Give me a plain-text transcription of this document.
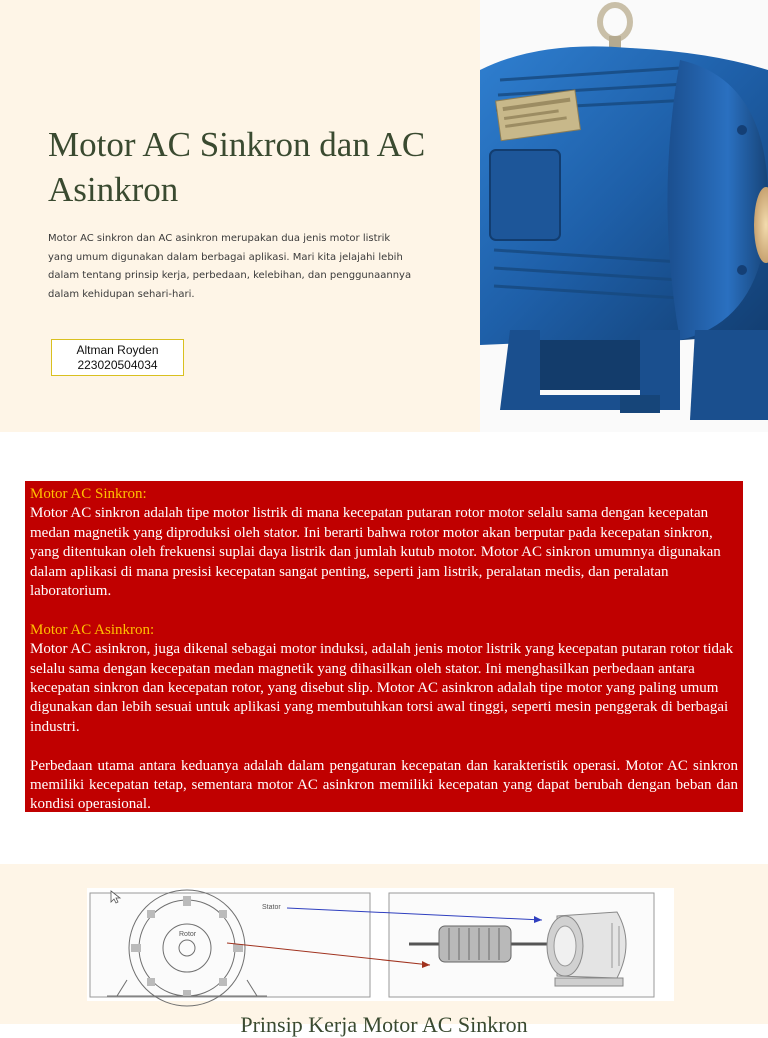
Motor AC Sinkron dan AC Asinkron

Motor AC sinkron dan AC asinkron merupakan dua jenis motor listrik yang umum digunakan dalam berbagai aplikasi. Mari kita jelajahi lebih dalam tentang prinsip kerja, perbedaan, kelebihan, dan penggunaannya dalam kehidupan sehari-hari.

Altman Royden
223020504034

Motor AC Sinkron:

Motor AC sinkron adalah tipe motor listrik di mana kecepatan putaran rotor motor selalu sama dengan kecepatan medan magnetik yang diproduksi oleh stator. Ini berarti bahwa rotor motor akan berputar pada kecepatan sinkron, yang ditentukan oleh frekuensi suplai daya listrik dan jumlah kutub motor. Motor AC sinkron umumnya digunakan dalam aplikasi di mana presisi kecepatan sangat penting, seperti jam listrik, peralatan medis, dan peralatan laboratorium.

Motor AC Asinkron:

Motor AC asinkron, juga dikenal sebagai motor induksi, adalah jenis motor listrik yang kecepatan putaran rotor tidak selalu sama dengan kecepatan medan magnetik yang dihasilkan oleh stator. Ini menghasilkan perbedaan antara kecepatan sinkron dan kecepatan rotor, yang disebut slip. Motor AC asinkron adalah tipe motor yang paling umum digunakan dan lebih sesuai untuk aplikasi yang membutuhkan torsi awal tinggi, seperti mesin penggerak di berbagai industri.

Perbedaan utama antara keduanya adalah dalam pengaturan kecepatan dan karakteristik operasi. Motor AC sinkron memiliki kecepatan tetap, sementara motor AC asinkron memiliki kecepatan yang dapat berubah dengan beban dan kondisi operasional.

Stator
Rotor
Prinsip Kerja Motor AC Sinkron
